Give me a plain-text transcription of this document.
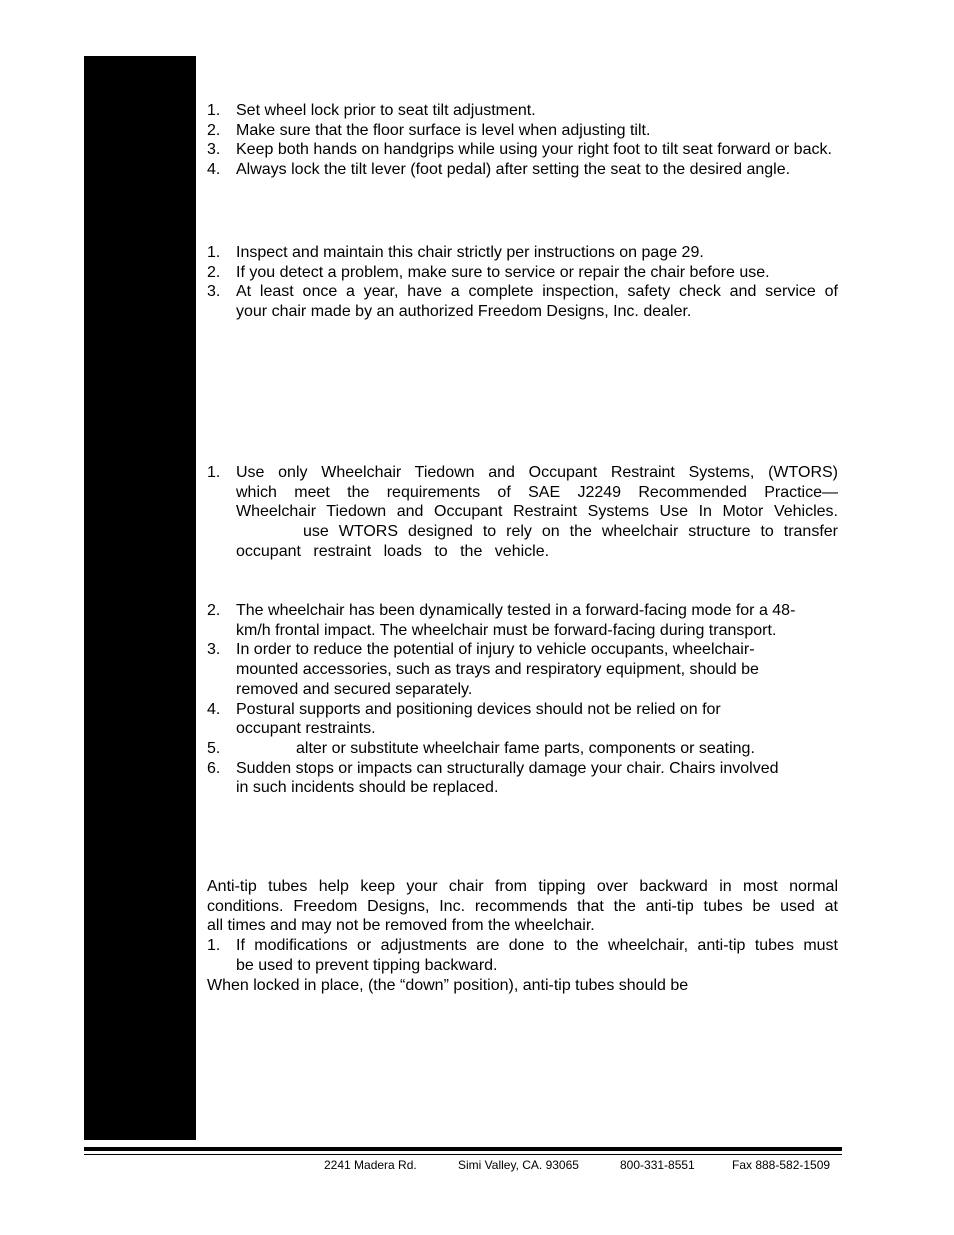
1. Set wheel lock prior to seat tilt adjustment.
2. Make sure that the floor surface is level when adjusting tilt.
3. Keep both hands on handgrips while using your right foot to tilt seat forward or back.
4. Always lock the tilt lever (foot pedal) after setting the seat to the desired angle.
1. Inspect and maintain this chair strictly per instructions on page 29.
2. If you detect a problem, make sure to service or repair the chair before use.
3. At least once a year, have a complete inspection, safety check and service of
your chair made by an authorized Freedom Designs, Inc. dealer.
1. Use only Wheelchair Tiedown and Occupant Restraint Systems, (WTORS)
which meet the requirements of SAE J2249 Recommended Practice—
Wheelchair Tiedown and Occupant Restraint Systems Use In Motor Vehicles.
use WTORS designed to rely on the wheelchair structure to transfer
occupant restraint loads to the vehicle.
2. The wheelchair has been dynamically tested in a forward-facing mode for a 48-
km/h frontal impact. The wheelchair must be forward-facing during transport.
3. In order to reduce the potential of injury to vehicle occupants, wheelchair-
mounted accessories, such as trays and respiratory equipment, should be
removed and secured separately.
4. Postural supports and positioning devices should not be relied on for
occupant restraints.
5.	alter or substitute wheelchair fame parts, components or seating.
6. Sudden stops or impacts can structurally damage your chair. Chairs involved
in such incidents should be replaced.
Anti-tip tubes help keep your chair from tipping over backward in most normal
conditions. Freedom Designs, Inc. recommends that the anti-tip tubes be used at
all times and may not be removed from the wheelchair.
1. If modifications or adjustments are done to the wheelchair, anti-tip tubes must
be used to prevent tipping backward.
When locked in place, (the “down” position), anti-tip tubes should be
2241 Madera Rd.	Simi Valley, CA. 93065	800-331-8551	Fax 888-582-1509
